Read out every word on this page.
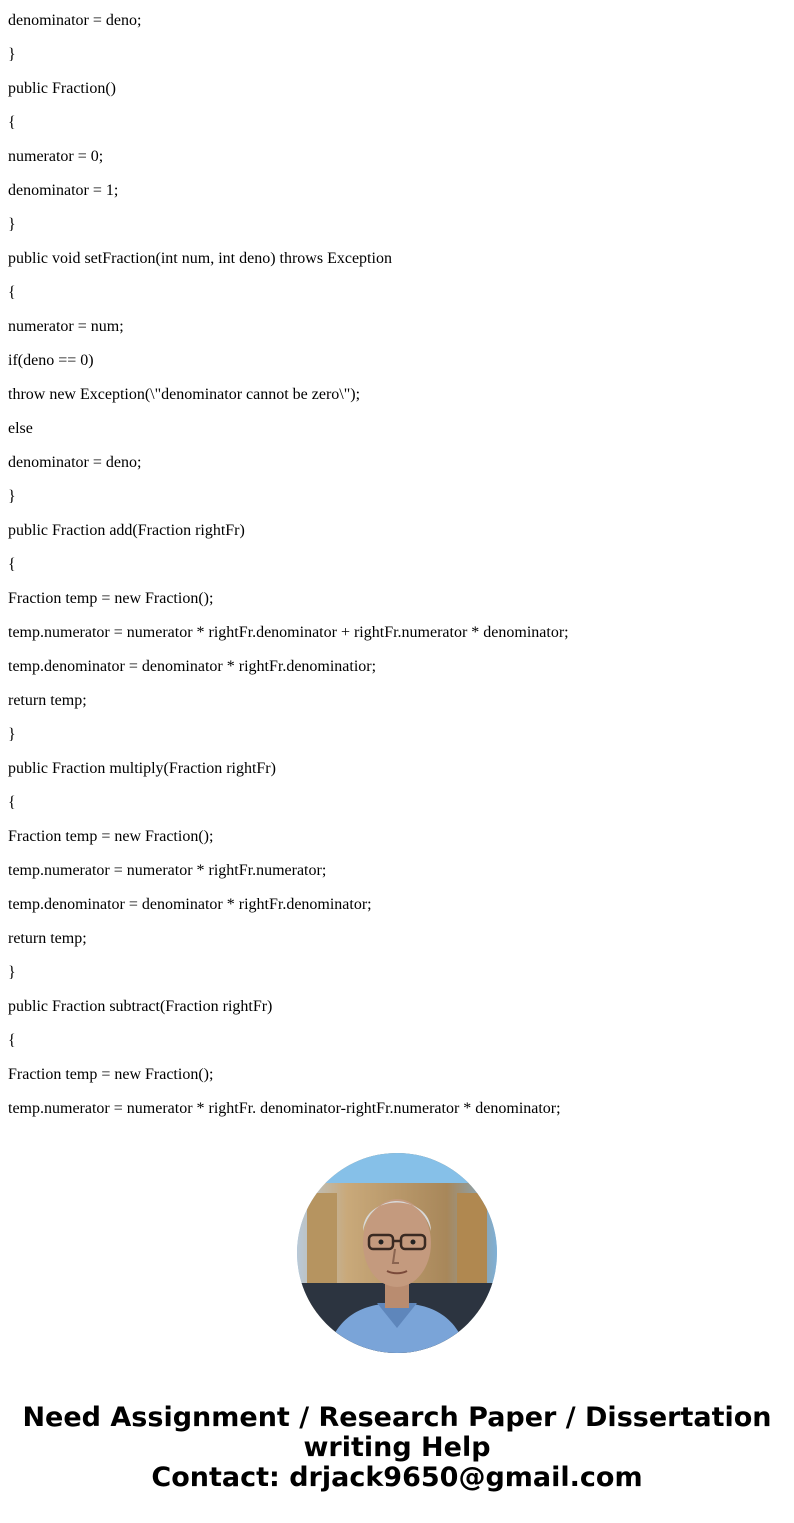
denominator = deno;
}
public Fraction()
{
numerator = 0;
denominator = 1;
}
public void setFraction(int num, int deno) throws Exception
{
numerator = num;
if(deno == 0)
throw new Exception(\"denominator cannot be zero\");
else
denominator = deno;
}
public Fraction add(Fraction rightFr)
{
Fraction temp = new Fraction();
temp.numerator = numerator * rightFr.denominator + rightFr.numerator * denominator;
temp.denominator = denominator * rightFr.denominatior;
return temp;
}
public Fraction multiply(Fraction rightFr)
{
Fraction temp = new Fraction();
temp.numerator = numerator * rightFr.numerator;
temp.denominator = denominator * rightFr.denominator;
return temp;
}
public Fraction subtract(Fraction rightFr)
{
Fraction temp = new Fraction();
temp.numerator = numerator * rightFr. denominator-rightFr.numerator * denominator;
Need Assignment / Research Paper / Dissertation
writing Help
Contact: drjack9650@gmail.com
